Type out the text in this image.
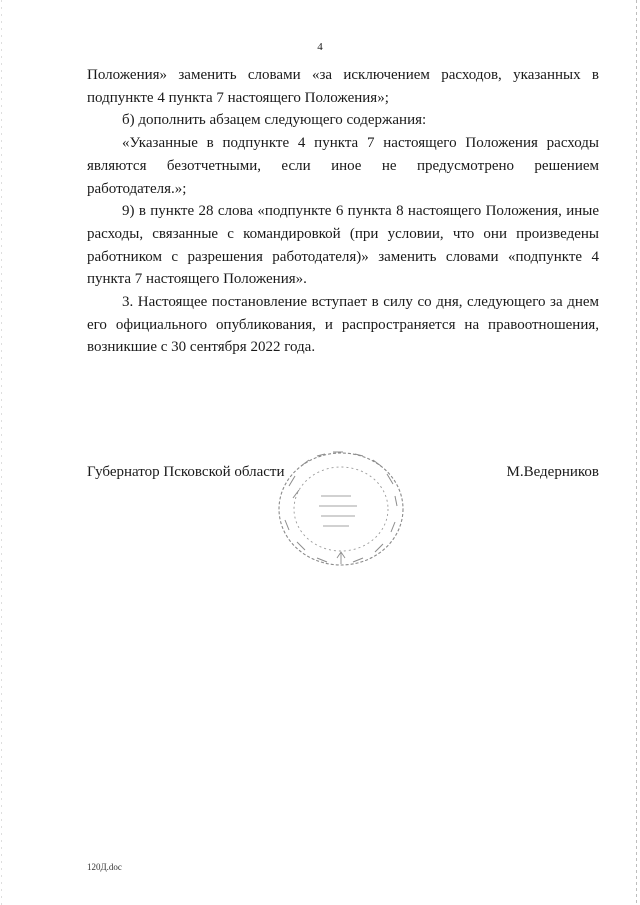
4

Положения» заменить словами «за исключением расходов, указанных в подпункте 4 пункта 7 настоящего Положения»;

б) дополнить абзацем следующего содержания:

«Указанные в подпункте 4 пункта 7 настоящего Положения расходы являются безотчетными, если иное не предусмотрено решением работодателя.»;

9) в пункте 28 слова «подпункте 6 пункта 8 настоящего Положения, иные расходы, связанные с командировкой (при условии, что они произведены работником с разрешения работодателя)» заменить словами «подпункте 4 пункта 7 настоящего Положения».

3. Настоящее постановление вступает в силу со дня, следующего за днем его официального опубликования, и распространяется на правоотношения, возникшие с 30 сентября 2022 года.

Губернатор Псковской области	М.Ведерников
120Д.doc
